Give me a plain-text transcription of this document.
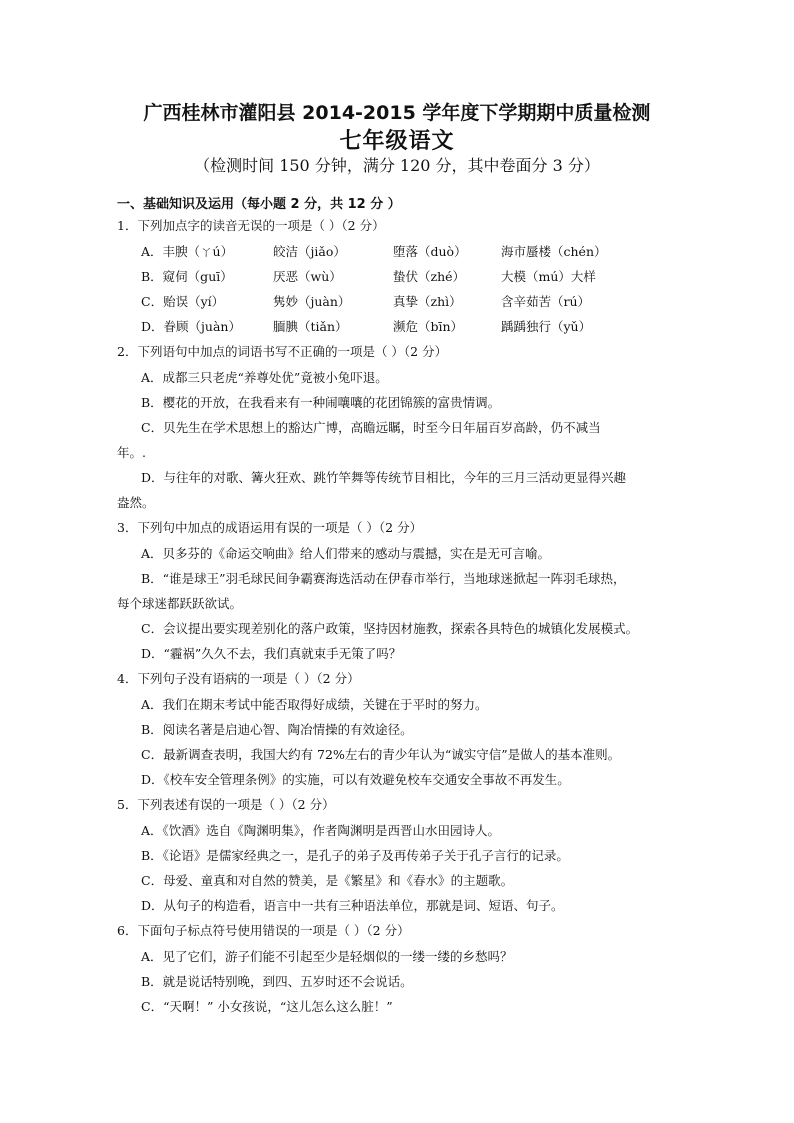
广西桂林市灌阳县 2014-2015 学年度下学期期中质量检测
七年级语文
（检测时间 150 分钟，满分 120 分，其中卷面分 3 分）
一、基础知识及运用（每小题 2 分，共 12 分 ）
1．下列加点字的读音无误的一项是（ ）（2 分）
A．丰腴（ㄚú）	皎洁（jiǎo）	堕落（duò）	海市蜃楼（chén）
B．窥伺（guī）	厌恶（wù）	蛰伏（zhé）	大模（mú）大样
C．贻误（yí）	隽妙（juàn）	真挚（zhì）	含辛茹苦（rú）
D．眷顾（juàn）	腼腆（tiǎn）	濒危（bīn）	踽踽独行（yǔ）
2．下列语句中加点的词语书写不正确的一项是（ ）（2 分）
A．成都三只老虎“养尊处优”竟被小兔吓退。
B．樱花的开放，在我看来有一种闹嚷嚷的花团锦簇的富贵情调。
C．贝先生在学术思想上的豁达广博，高瞻远瞩，时至今日年届百岁高龄，仍不减当
年。.
D．与往年的对歌、篝火狂欢、跳竹竿舞等传统节目相比，今年的三月三活动更显得兴趣
盎然。
3．下列句中加点的成语运用有误的一项是（ ）（2 分）
A．贝多芬的《命运交响曲》给人们带来的感动与震撼，实在是无可言喻。
B．“谁是球王”羽毛球民间争霸赛海选活动在伊春市举行，当地球迷掀起一阵羽毛球热，
每个球迷都跃跃欲试。
C．会议提出要实现差别化的落户政策，坚持因材施教，探索各具特色的城镇化发展模式。
D．“霾祸”久久不去，我们真就束手无策了吗？
4．下列句子没有语病的一项是（ ）（2 分）
A．我们在期末考试中能否取得好成绩，关键在于平时的努力。
B．阅读名著是启迪心智、陶冶情操的有效途径。
C．最新调查表明，我国大约有 72%左右的青少年认为“诚实守信”是做人的基本准则。
D．《校车安全管理条例》的实施，可以有效避免校车交通安全事故不再发生。
5．下列表述有误的一项是（ ）（2 分）
A．《饮酒》选自《陶渊明集》，作者陶渊明是西晋山水田园诗人。
B．《论语》是儒家经典之一，是孔子的弟子及再传弟子关于孔子言行的记录。
C．母爱、童真和对自然的赞美，是《繁星》和《春水》的主题歌。
D．从句子的构造看，语言中一共有三种语法单位，那就是词、短语、句子。
6．下面句子标点符号使用错误的一项是（ ）（2 分）
A．见了它们，游子们能不引起至少是轻烟似的一缕一缕的乡愁吗？
B．就是说话特别晚，到四、五岁时还不会说话。
C．“天啊！” 小女孩说，“这儿怎么这么脏！”
